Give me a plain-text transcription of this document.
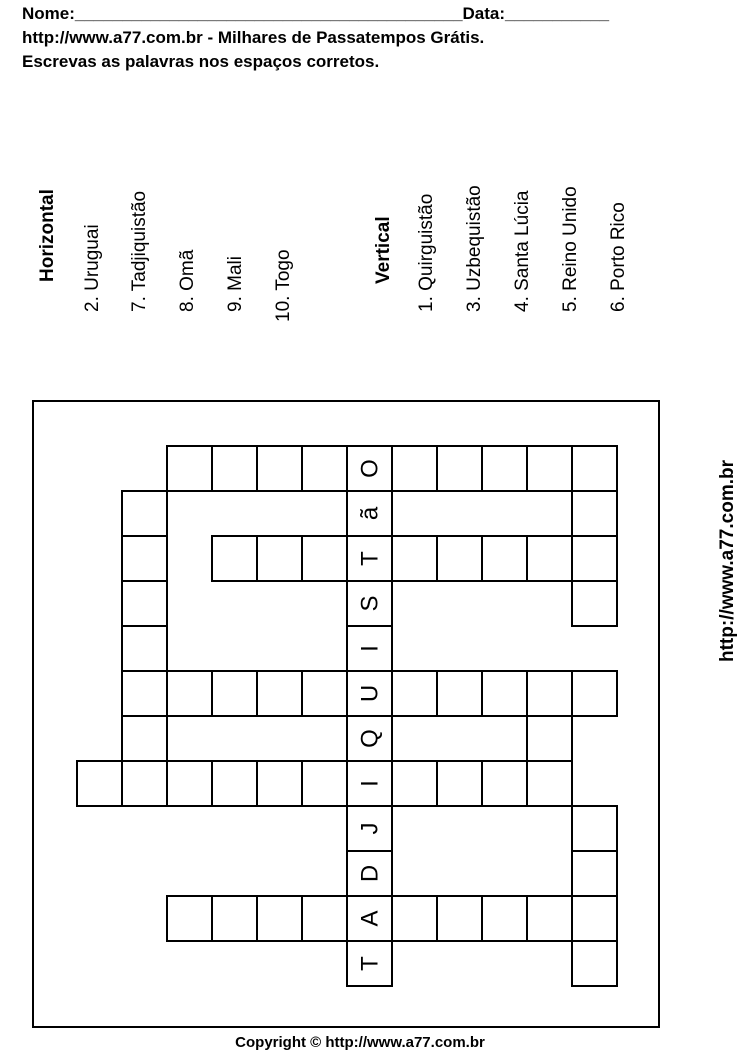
Nome:_________________________________________Data:___________
http://www.a77.com.br - Milhares de Passatempos Grátis.
Escrevas as palavras nos espaços corretos.
Horizontal 2. Uruguai 7. Tadjiquistão 8. Omã 9. Mali 10. Togo	Vertical 1. Quirguistão 3. Uzbequistão 4. Santa Lúcia 5. Reino Unido 6. Porto Rico
T
A
D
J
I
Q
U
I
S
T
ã
O	http://www.a77.com.br
Copyright © http://www.a77.com.br
